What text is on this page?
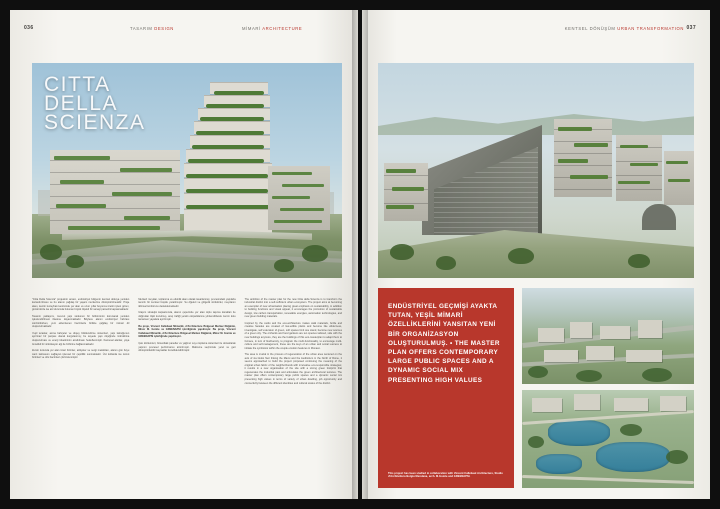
036	TASARIM DESIGN	MİMARİ ARCHITECTURE
CITTA
DELLA
SCIENZA

"Citta Della Scienza" projesinin amacı, endüstriyel bölgenin kentsel dokuya yeniden kazandırılması ve bu alanın çağdaş bir yaşam merkezine dönüştürülmesidir. Proje alanı, kentin kuzeybatı kesiminde yer alan ve uzun yıllar boyunca üretim işlevi gören, günümüzde ise atıl durumda bulunan büyük ölçekli bir sanayi parselini kapsamaktadır.

Tasarım yaklaşımı, mevcut yapı stokunun bir bölümünün korunarak yeniden işlevlendirilmesi ilkesine dayanmaktadır. Böylece alanın endüstriyel hafızası sürdürülürken, yeni eklemlenen hacimlerle birlikte çağdaş bir mimari dil oluşturulmaktadır.

Yeşil teraslar, asma bahçeler ve düşey bitkilendirme sistemleri, yapı kabuğunun ayrılmaz bir parçası olarak kurgulanmış; bu sayede yapı ölçeğinde mikroklima oluşturulması ve enerji tüketiminin azaltılması hedeflenmiştir. Kamusal alanlar, yaya öncelikli bir sirkülasyon ağı ile birbirine bağlanmaktadır.

Zemin kotunda yer alan ticari birimler, atölyeler ve sergi mekânları, alanın gün boyu canlı kalmasını sağlayan işlevsel bir çeşitlilik sunmaktadır. Üst kotlarda ise konut birimleri ve ofis hacimleri çözümlenmiştir.

Merkezi meydan, toplanma ve etkinlik alanı olarak tasarlanmış; çevresindeki yapılarla tanımlı bir kentsel boşluk yaratılmıştır. Su öğeleri ve gölgelik strüktürler, meydanın iklimsel konforunu desteklemektedir.

Ulaşım stratejisi kapsamında, alanın çeperinde yer alan toplu taşıma durakları ile doğrudan ilişki kurulmuş, araç trafiği yeraltı otoparklarına yönlendirilerek zemin kotu tamamen yayalara ayrılmıştır.

Bu proje, Vincent Callebaut Mimarlık, d'Architecture Bölgesel Merkez Düğümü, Minor M. Gomte ve GREENAPSİ işbirliğinde yapılmıştır. Bu proje, Vincent Callebaut Mimarlık, d'Architecture Bölgesel Merkez Düğümü, Minor M. Gomte ve GREENAPSİ işbirliğinde yapılmıştır.

Çatı düzlemleri, fotovoltaik paneller ve yağmur suyu toplama sistemleri ile donatılarak yapının çevresel performansı artırılmıştır. Malzeme seçiminde yerel ve geri dönüştürülebilir kaynaklar önceliklendirilmiştir.

The ambition of the master plan for the new Citta della Scienza is to transform the industrial district into a self-sufficient urban ecosystem. The project aims at becoming an exemplar of new urbanisation placing great emphasis on sustainability, in addition to building functions and visual appeal, it encourages the promotion of sustainable design, low carbon transportation, renewable energies, automation technologies, and new green building materials.

Inspired by the cardo and the eco-architecture makes walk materials, fertile and creative facades are created of low-edible plants and become like wilderness, investigate, self extension of green, soft spaces limit one stand, become new sources of a green city. The orchards and food gardens are ten species tailored, side with the new buildings anymore, they are the buildings of this eco-masterplan to adapt them to furnace, in turn of biodiversity, to program the multi-functionality, to encourage multi-culture and self-management, these are the keys of an urban and social success to initiate the symbiosis within the couple emotion features in Monaco.

The area is crucial in the process of regeneration of the urban area centered on the axis of via Giulio Neri linking the Maxxi and the Auditorium in the North of Rome, it seems approached to build the project proposed continuing the meaning of the original urban fabric of the neighborhoods with innovative eco-responsible strategies; it results in a new organisation of the site with a strong green footprint that regenerates the industrial past and articulates the green architectural textures. The master plan offers contemporary large public spaces and a dynamic social mix presenting high values in terms of variety of urban dwelling, job opportunity and connectivity between the different identities and cultural scales of the district.

037
KENTSEL DÖNÜŞÜM URBAN TRANSFORMATION
ENDÜSTRİYEL GEÇMİŞİ AYAKTA TUTAN, YEŞİL MİMARİ ÖZELLİKLERİNİ YANSITAN YENİ BİR ORGANİZASYON OLUŞTURULMUŞ. • THE MASTER PLAN OFFERS CONTEMPORARY LARGE PUBLIC SPACES AND A DYNAMIC SOCIAL MIX PRESENTING HIGH VALUES
This project has been studied in collaboration with Vincent Callebaut Architecture, Studio d'Architettura Bolgiu Merulana, arch. M.Gomte and GREENAPSI.
